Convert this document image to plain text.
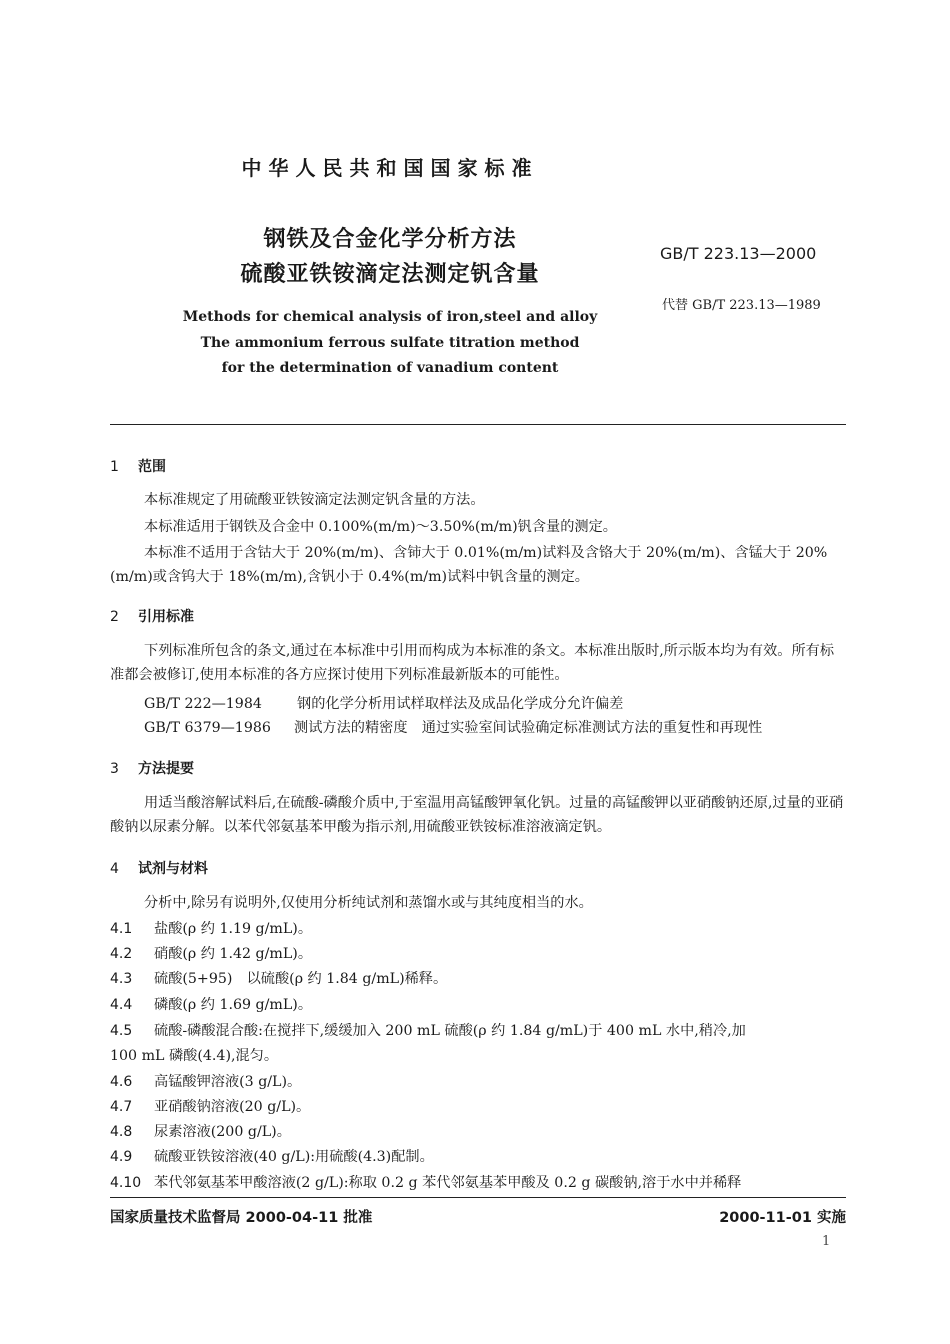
中华人民共和国国家标准
钢铁及合金化学分析方法
硫酸亚铁铵滴定法测定钒含量
GB/T 223.13—2000
代替 GB/T 223.13—1989
Methods for chemical analysis of iron,steel and alloy
The ammonium ferrous sulfate titration method
for the determination of vanadium content
1 范围
本标准规定了用硫酸亚铁铵滴定法测定钒含量的方法。
本标准适用于钢铁及合金中 0.100%(m/m)～3.50%(m/m)钒含量的测定。
本标准不适用于含钴大于 20%(m/m)、含铈大于 0.01%(m/m)试料及含铬大于 20%(m/m)、含锰大于 20%(m/m)或含钨大于 18%(m/m),含钒小于 0.4%(m/m)试料中钒含量的测定。
2 引用标准
下列标准所包含的条文,通过在本标准中引用而构成为本标准的条文。本标准出版时,所示版本均为有效。所有标准都会被修订,使用本标准的各方应探讨使用下列标准最新版本的可能性。
GB/T 222—1984 钢的化学分析用试样取样法及成品化学成分允许偏差
GB/T 6379—1986 测试方法的精密度　通过实验室间试验确定标准测试方法的重复性和再现性
3 方法提要
用适当酸溶解试料后,在硫酸-磷酸介质中,于室温用高锰酸钾氧化钒。过量的高锰酸钾以亚硝酸钠还原,过量的亚硝酸钠以尿素分解。以苯代邻氨基苯甲酸为指示剂,用硫酸亚铁铵标准溶液滴定钒。
4 试剂与材料
分析中,除另有说明外,仅使用分析纯试剂和蒸馏水或与其纯度相当的水。
4.1 盐酸(ρ 约 1.19 g/mL)。
4.2 硝酸(ρ 约 1.42 g/mL)。
4.3 硫酸(5+95)　以硫酸(ρ 约 1.84 g/mL)稀释。
4.4 磷酸(ρ 约 1.69 g/mL)。
4.5 硫酸-磷酸混合酸:在搅拌下,缓缓加入 200 mL 硫酸(ρ 约 1.84 g/mL)于 400 mL 水中,稍冷,加
100 mL 磷酸(4.4),混匀。
4.6 高锰酸钾溶液(3 g/L)。
4.7 亚硝酸钠溶液(20 g/L)。
4.8 尿素溶液(200 g/L)。
4.9 硫酸亚铁铵溶液(40 g/L):用硫酸(4.3)配制。
4.10 苯代邻氨基苯甲酸溶液(2 g/L):称取 0.2 g 苯代邻氨基苯甲酸及 0.2 g 碳酸钠,溶于水中并稀释
国家质量技术监督局 2000-04-11 批准	2000-11-01 实施
1
